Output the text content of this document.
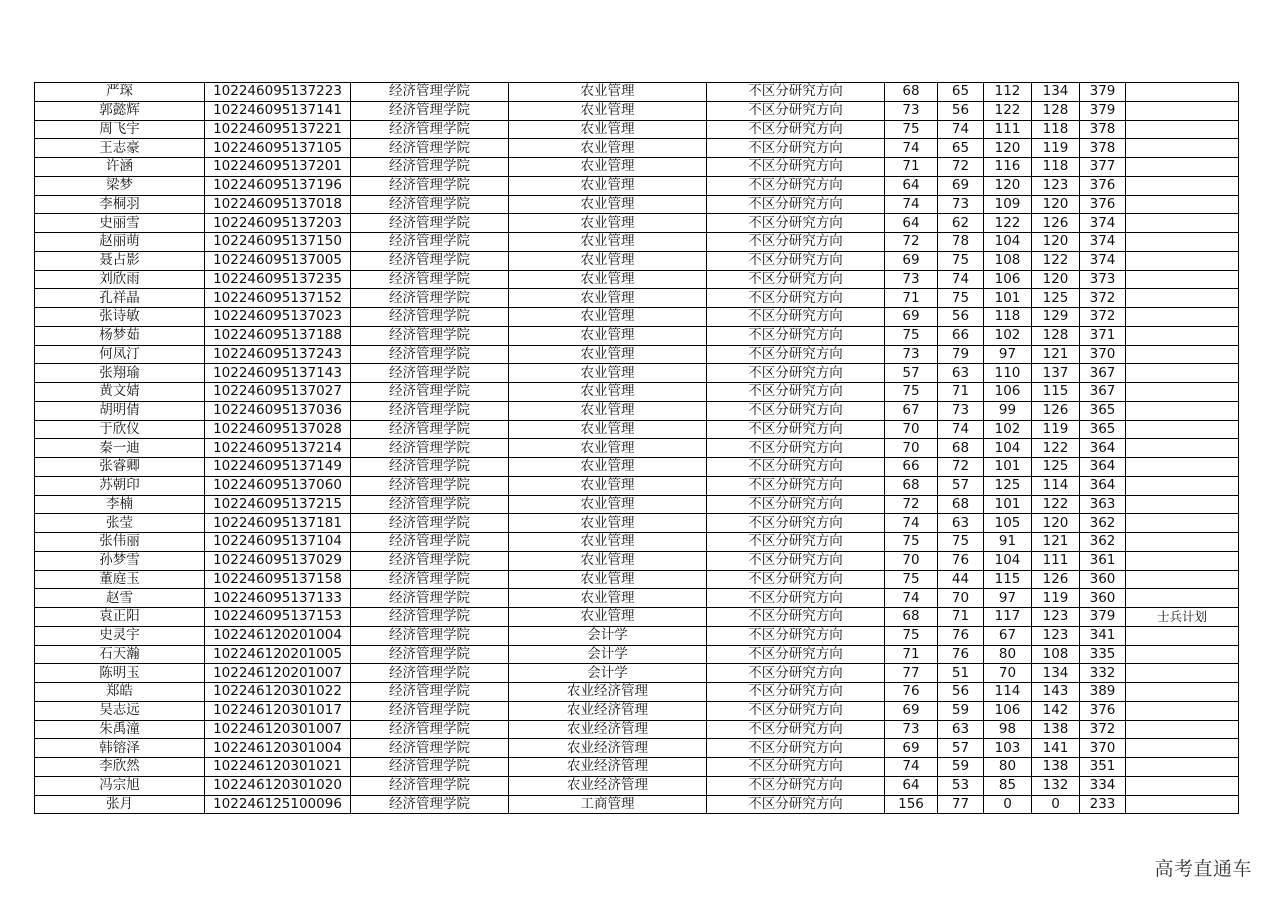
严琛	102246095137223	经济管理学院	农业管理	不区分研究方向	68	65	112	134	379	
郭懿辉	102246095137141	经济管理学院	农业管理	不区分研究方向	73	56	122	128	379	
周飞宇	102246095137221	经济管理学院	农业管理	不区分研究方向	75	74	111	118	378	
王志豪	102246095137105	经济管理学院	农业管理	不区分研究方向	74	65	120	119	378	
许涵	102246095137201	经济管理学院	农业管理	不区分研究方向	71	72	116	118	377	
梁梦	102246095137196	经济管理学院	农业管理	不区分研究方向	64	69	120	123	376	
李桐羽	102246095137018	经济管理学院	农业管理	不区分研究方向	74	73	109	120	376	
史丽雪	102246095137203	经济管理学院	农业管理	不区分研究方向	64	62	122	126	374	
赵丽萌	102246095137150	经济管理学院	农业管理	不区分研究方向	72	78	104	120	374	
聂占影	102246095137005	经济管理学院	农业管理	不区分研究方向	69	75	108	122	374	
刘欣雨	102246095137235	经济管理学院	农业管理	不区分研究方向	73	74	106	120	373	
孔祥晶	102246095137152	经济管理学院	农业管理	不区分研究方向	71	75	101	125	372	
张诗敏	102246095137023	经济管理学院	农业管理	不区分研究方向	69	56	118	129	372	
杨梦茹	102246095137188	经济管理学院	农业管理	不区分研究方向	75	66	102	128	371	
何凤汀	102246095137243	经济管理学院	农业管理	不区分研究方向	73	79	97	121	370	
张翔瑜	102246095137143	经济管理学院	农业管理	不区分研究方向	57	63	110	137	367	
黄文婧	102246095137027	经济管理学院	农业管理	不区分研究方向	75	71	106	115	367	
胡明倩	102246095137036	经济管理学院	农业管理	不区分研究方向	67	73	99	126	365	
于欣仪	102246095137028	经济管理学院	农业管理	不区分研究方向	70	74	102	119	365	
秦一迪	102246095137214	经济管理学院	农业管理	不区分研究方向	70	68	104	122	364	
张睿卿	102246095137149	经济管理学院	农业管理	不区分研究方向	66	72	101	125	364	
苏朝印	102246095137060	经济管理学院	农业管理	不区分研究方向	68	57	125	114	364	
李楠	102246095137215	经济管理学院	农业管理	不区分研究方向	72	68	101	122	363	
张莹	102246095137181	经济管理学院	农业管理	不区分研究方向	74	63	105	120	362	
张伟丽	102246095137104	经济管理学院	农业管理	不区分研究方向	75	75	91	121	362	
孙梦雪	102246095137029	经济管理学院	农业管理	不区分研究方向	70	76	104	111	361	
董庭玉	102246095137158	经济管理学院	农业管理	不区分研究方向	75	44	115	126	360	
赵雪	102246095137133	经济管理学院	农业管理	不区分研究方向	74	70	97	119	360	
袁正阳	102246095137153	经济管理学院	农业管理	不区分研究方向	68	71	117	123	379	士兵计划
史灵宇	102246120201004	经济管理学院	会计学	不区分研究方向	75	76	67	123	341	
石天瀚	102246120201005	经济管理学院	会计学	不区分研究方向	71	76	80	108	335	
陈明玉	102246120201007	经济管理学院	会计学	不区分研究方向	77	51	70	134	332	
郑皓	102246120301022	经济管理学院	农业经济管理	不区分研究方向	76	56	114	143	389	
吴志远	102246120301017	经济管理学院	农业经济管理	不区分研究方向	69	59	106	142	376	
朱禹潼	102246120301007	经济管理学院	农业经济管理	不区分研究方向	73	63	98	138	372	
韩镕泽	102246120301004	经济管理学院	农业经济管理	不区分研究方向	69	57	103	141	370	
李欣然	102246120301021	经济管理学院	农业经济管理	不区分研究方向	74	59	80	138	351	
冯宗旭	102246120301020	经济管理学院	农业经济管理	不区分研究方向	64	53	85	132	334	
张月	102246125100096	经济管理学院	工商管理	不区分研究方向	156	77	0	0	233	
高考直通车
